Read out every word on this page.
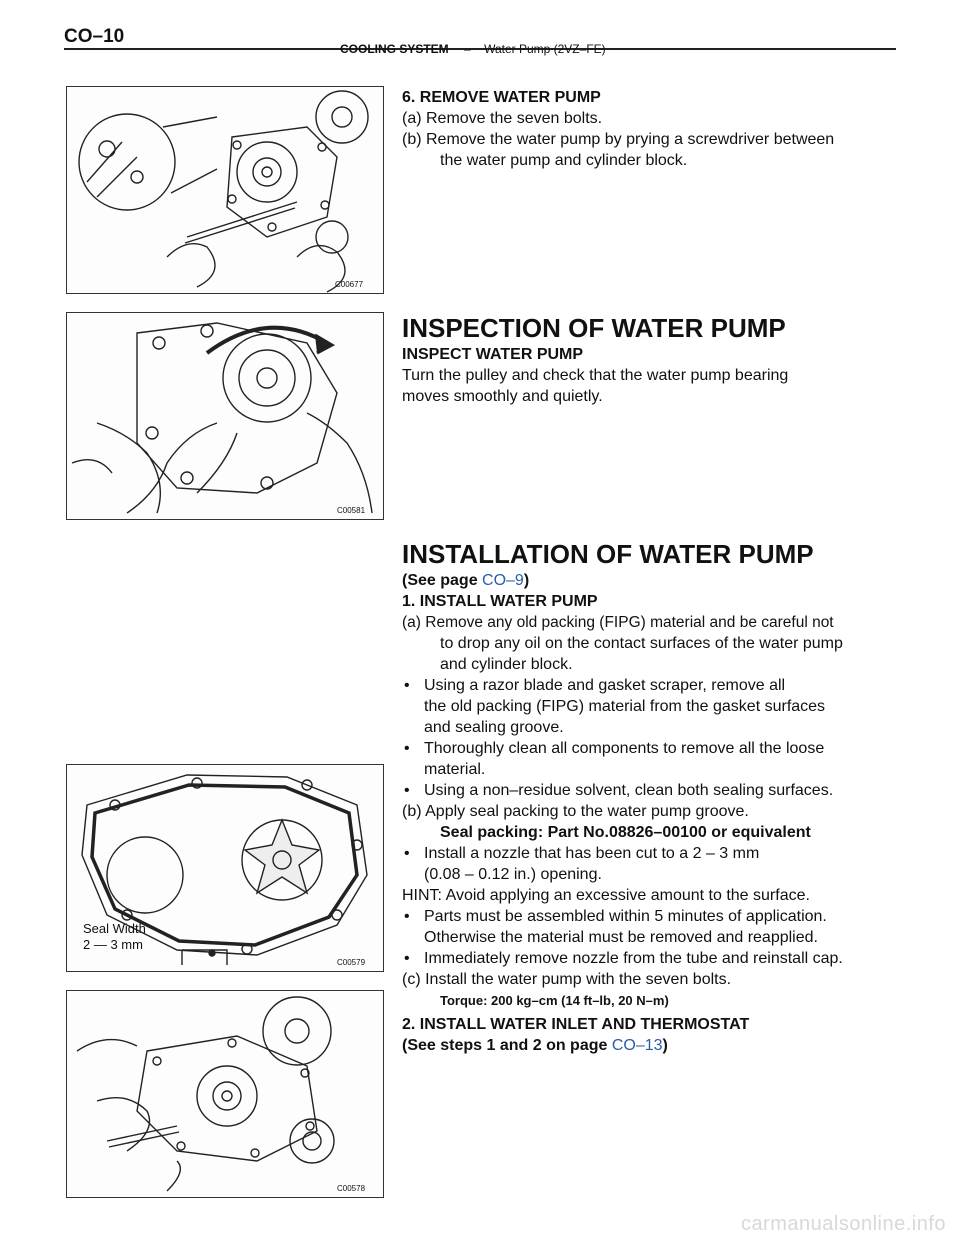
CO–10
COOLING SYSTEM – Water Pump (2VZ–FE)
C00677

6. REMOVE WATER PUMP

(a) Remove the seven bolts.

(b) Remove the water pump by prying a screwdriver between

the water pump and cylinder block.

C00581

INSPECTION OF WATER PUMP

INSPECT WATER PUMP

Turn the pulley and check that the water pump bearing

moves smoothly and quietly.

INSTALLATION OF WATER PUMP

(See page CO–9)

1. INSTALL WATER PUMP

(a) Remove any old packing (FIPG) material and be careful not

to drop any oil on the contact surfaces of the water pump

and cylinder block.

• Using a razor blade and gasket scraper, remove all

the old packing (FIPG) material from the gasket surfaces

and sealing groove.

• Thoroughly clean all components to remove all the loose

material.

• Using a non–residue solvent, clean both sealing surfaces.

(b) Apply seal packing to the water pump groove.

Seal packing: Part No.08826–00100 or equivalent

• Install a nozzle that has been cut to a 2 – 3 mm

(0.08 – 0.12 in.) opening.

HINT: Avoid applying an excessive amount to the surface.

• Parts must be assembled within 5 minutes of application.

Otherwise the material must be removed and reapplied.

• Immediately remove nozzle from the tube and reinstall cap.

(c) Install the water pump with the seven bolts.

Torque: 200 kg–cm (14 ft–lb, 20 N–m)

2. INSTALL WATER INLET AND THERMOSTAT

(See steps 1 and 2 on page CO–13)

Seal Width
2 — 3 mm
C00579
C00578
carmanualsonline.info
